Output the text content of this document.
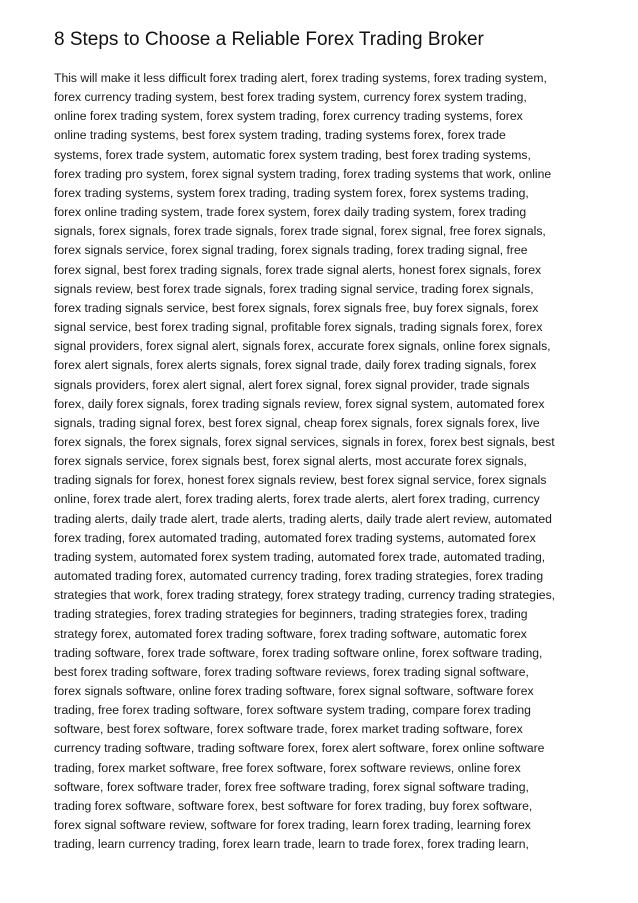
8 Steps to Choose a Reliable Forex Trading Broker
This will make it less difficult forex trading alert, forex trading systems, forex trading system,
forex currency trading system, best forex trading system, currency forex system trading,
online forex trading system, forex system trading, forex currency trading systems, forex
online trading systems, best forex system trading, trading systems forex, forex trade
systems, forex trade system, automatic forex system trading, best forex trading systems,
forex trading pro system, forex signal system trading, forex trading systems that work, online
forex trading systems, system forex trading, trading system forex, forex systems trading,
forex online trading system, trade forex system, forex daily trading system, forex trading
signals, forex signals, forex trade signals, forex trade signal, forex signal, free forex signals,
forex signals service, forex signal trading, forex signals trading, forex trading signal, free
forex signal, best forex trading signals, forex trade signal alerts, honest forex signals, forex
signals review, best forex trade signals, forex trading signal service, trading forex signals,
forex trading signals service, best forex signals, forex signals free, buy forex signals, forex
signal service, best forex trading signal, profitable forex signals, trading signals forex, forex
signal providers, forex signal alert, signals forex, accurate forex signals, online forex signals,
forex alert signals, forex alerts signals, forex signal trade, daily forex trading signals, forex
signals providers, forex alert signal, alert forex signal, forex signal provider, trade signals
forex, daily forex signals, forex trading signals review, forex signal system, automated forex
signals, trading signal forex, best forex signal, cheap forex signals, forex signals forex, live
forex signals, the forex signals, forex signal services, signals in forex, forex best signals, best
forex signals service, forex signals best, forex signal alerts, most accurate forex signals,
trading signals for forex, honest forex signals review, best forex signal service, forex signals
online, forex trade alert, forex trading alerts, forex trade alerts, alert forex trading, currency
trading alerts, daily trade alert, trade alerts, trading alerts, daily trade alert review, automated
forex trading, forex automated trading, automated forex trading systems, automated forex
trading system, automated forex system trading, automated forex trade, automated trading,
automated trading forex, automated currency trading, forex trading strategies, forex trading
strategies that work, forex trading strategy, forex strategy trading, currency trading strategies,
trading strategies, forex trading strategies for beginners, trading strategies forex, trading
strategy forex, automated forex trading software, forex trading software, automatic forex
trading software, forex trade software, forex trading software online, forex software trading,
best forex trading software, forex trading software reviews, forex trading signal software,
forex signals software, online forex trading software, forex signal software, software forex
trading, free forex trading software, forex software system trading, compare forex trading
software, best forex software, forex software trade, forex market trading software, forex
currency trading software, trading software forex, forex alert software, forex online software
trading, forex market software, free forex software, forex software reviews, online forex
software, forex software trader, forex free software trading, forex signal software trading,
trading forex software, software forex, best software for forex trading, buy forex software,
forex signal software review, software for forex trading, learn forex trading, learning forex
trading, learn currency trading, forex learn trade, learn to trade forex, forex trading learn,
